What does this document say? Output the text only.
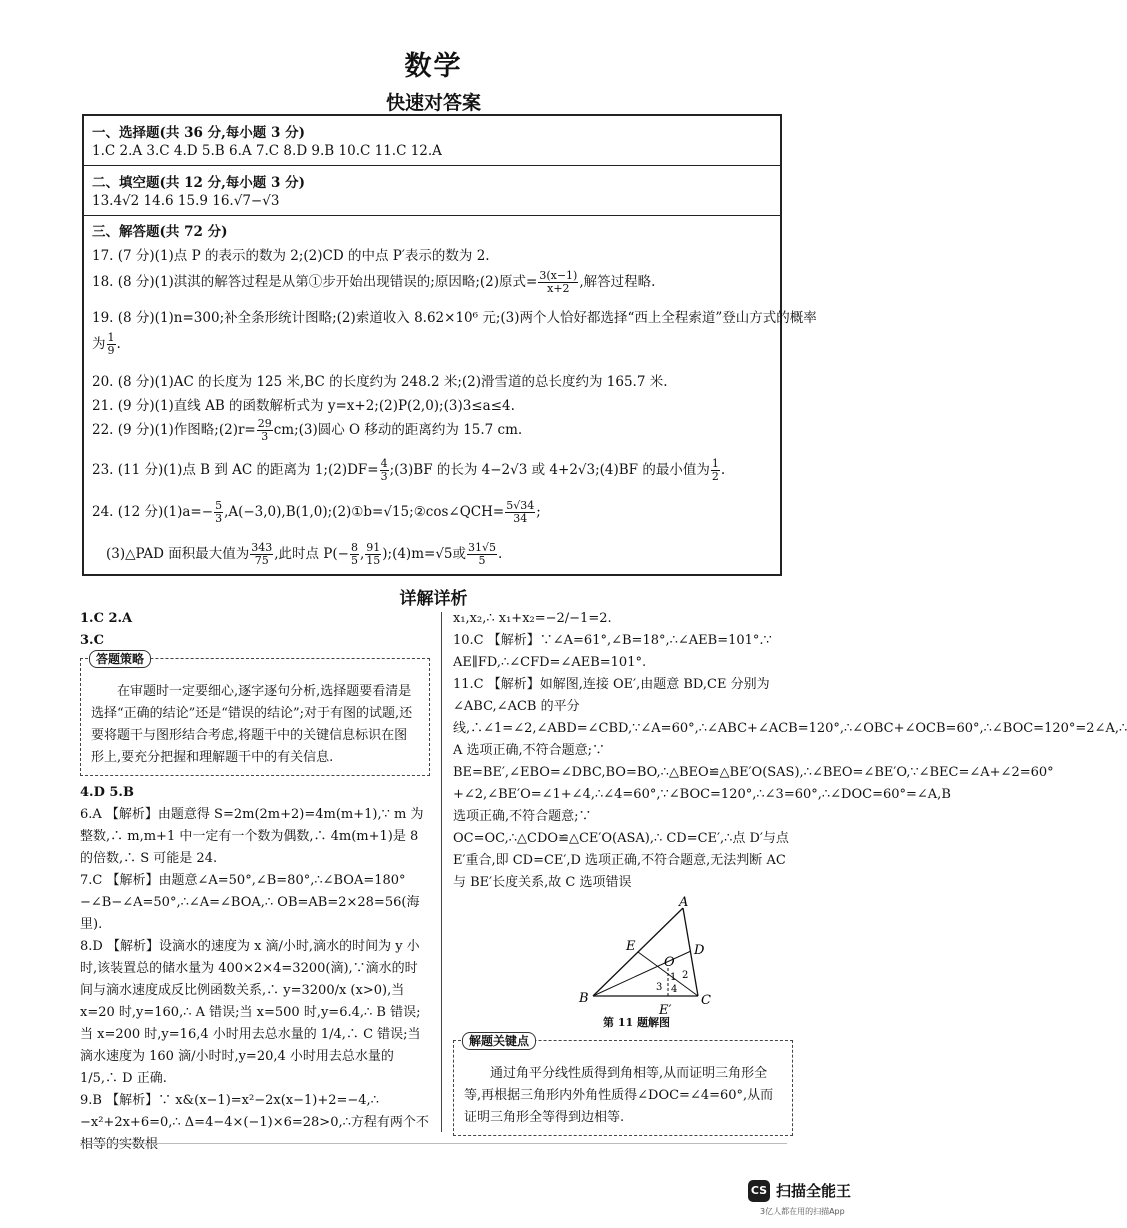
数学
快速对答案
一、选择题(共 36 分,每小题 3 分)
1.C 2.A 3.C 4.D 5.B 6.A 7.C 8.D 9.B 10.C 11.C 12.A
二、填空题(共 12 分,每小题 3 分)
13.4√2 14.6 15.9 16.√7−√3
三、解答题(共 72 分)
17. (7 分)(1)点 P 的表示的数为 2;(2)CD 的中点 P′表示的数为 2.
18. (8 分)(1)淇淇的解答过程是从第①步开始出现错误的;原因略;(2)原式= $\frac{3(x-1)}{x+2}$ ,解答过程略.
19. (8 分)(1)n=300;补全条形统计图略;(2)索道收入 8.62×10⁶ 元;(3)两个人恰好都选择“西上全程索道”登山方式的概率
为 $\frac{1}{9}$ .
20. (8 分)(1)AC 的长度为 125 米,BC 的长度约为 248.2 米;(2)滑雪道的总长度约为 165.7 米.
21. (9 分)(1)直线 AB 的函数解析式为 y=x+2;(2)P(2,0);(3)3≤a≤4.
22. (9 分)(1)作图略;(2)r= $\frac{29}{3}$ cm;(3)圆心 O 移动的距离约为 15.7 cm.
23. (11 分)(1)点 B 到 AC 的距离为 1;(2)DF= $\frac{4}{3}$ ;(3)BF 的长为 4−2√3 或 4+2√3;(4)BF 的最小值为 $\frac{1}{2}$ .
24. (12 分)$(1)a=- \frac{5}{3}$ ,A(−3,0),B(1,0);(2)①b=√15;②cos∠QCH= $\frac{5√34}{34}$ ;
(3)△PAD 面积最大值为 $\frac{343}{75}$ ,此时点 $P(- \frac{8}{5}$ , $\frac{91}{15}$ );(4)m=√5或 $\frac{31√5}{5}$ .
详解详析

1.C 2.A

3.C

答题策略
在审题时一定要细心,逐字逐句分析,选择题要看清是选择“正确的结论”还是“错误的结论”;对于有图的试题,还要将题干与图形结合考虑,将题干中的关键信息标识在图形上,要充分把握和理解题干中的有关信息.

4.D 5.B

6.A 【解析】由题意得 S=2m(2m+2)=4m(m+1),∵ m 为整数,∴ m,m+1 中一定有一个数为偶数,∴ 4m(m+1)是 8 的倍数,∴ S 可能是 24.

7.C 【解析】由题意∠A=50°,∠B=80°,∴∠BOA=180°−∠B−∠A=50°,∴∠A=∠BOA,∴ OB=AB=2×28=56(海里).

8.D 【解析】设滴水的速度为 x 滴/小时,滴水的时间为 y 小时,该装置总的储水量为 400×2×4=3200(滴),∵滴水的时间与滴水速度成反比例函数关系,∴ y=3200/x (x>0),当 x=20 时,y=160,∴ A 错误;当 x=500 时,y=6.4,∴ B 错误;当 x=200 时,y=16,4 小时用去总水量的 1/4,∴ C 错误;当滴水速度为 160 滴/小时时,y=20,4 小时用去总水量的 1/5,∴ D 正确.

9.B 【解析】∵ x&(x−1)=x²−2x(x−1)+2=−4,∴ −x²+2x+6=0,∴ Δ=4−4×(−1)×6=28>0,∴方程有两个不相等的实数根

x₁,x₂,∴ x₁+x₂=−2/−1=2.

10.C 【解析】∵∠A=61°,∠B=18°,∴∠AEB=101°.∵ AE∥FD,∴∠CFD=∠AEB=101°.

11.C 【解析】如解图,连接 OE′,由题意 BD,CE 分别为∠ABC,∠ACB 的平分线,∴∠1=∠2,∠ABD=∠CBD,∵∠A=60°,∴∠ABC+∠ACB=120°,∴∠OBC+∠OCB=60°,∴∠BOC=120°=2∠A,∴ A 选项正确,不符合题意;∵ BE=BE′,∠EBO=∠DBC,BO=BO,∴△BEO≌△BE′O(SAS),∴∠BEO=∠BE′O,∵∠BEC=∠A+∠2=60°+∠2,∠BE′O=∠1+∠4,∴∠4=60°,∵∠BOC=120°,∴∠3=60°,∴∠DOC=60°=∠A,B 选项正确,不符合题意;∵ OC=OC,∴△CDO≌△CE′O(ASA),∴ CD=CE′,∴点 D′与点 E′重合,即 CD=CE′,D 选项正确,不符合题意,无法判断 AC 与 BE′长度关系,故 C 选项错误

A
B	C
D
E
E′
O
1 2
3 4
第 11 题解图
解题关键点
通过角平分线性质得到角相等,从而证明三角形全等,再根据三角形内外角性质得∠DOC=∠4=60°,从而证明三角形全等得到边相等.
CS 扫描全能王
3亿人都在用的扫描App
